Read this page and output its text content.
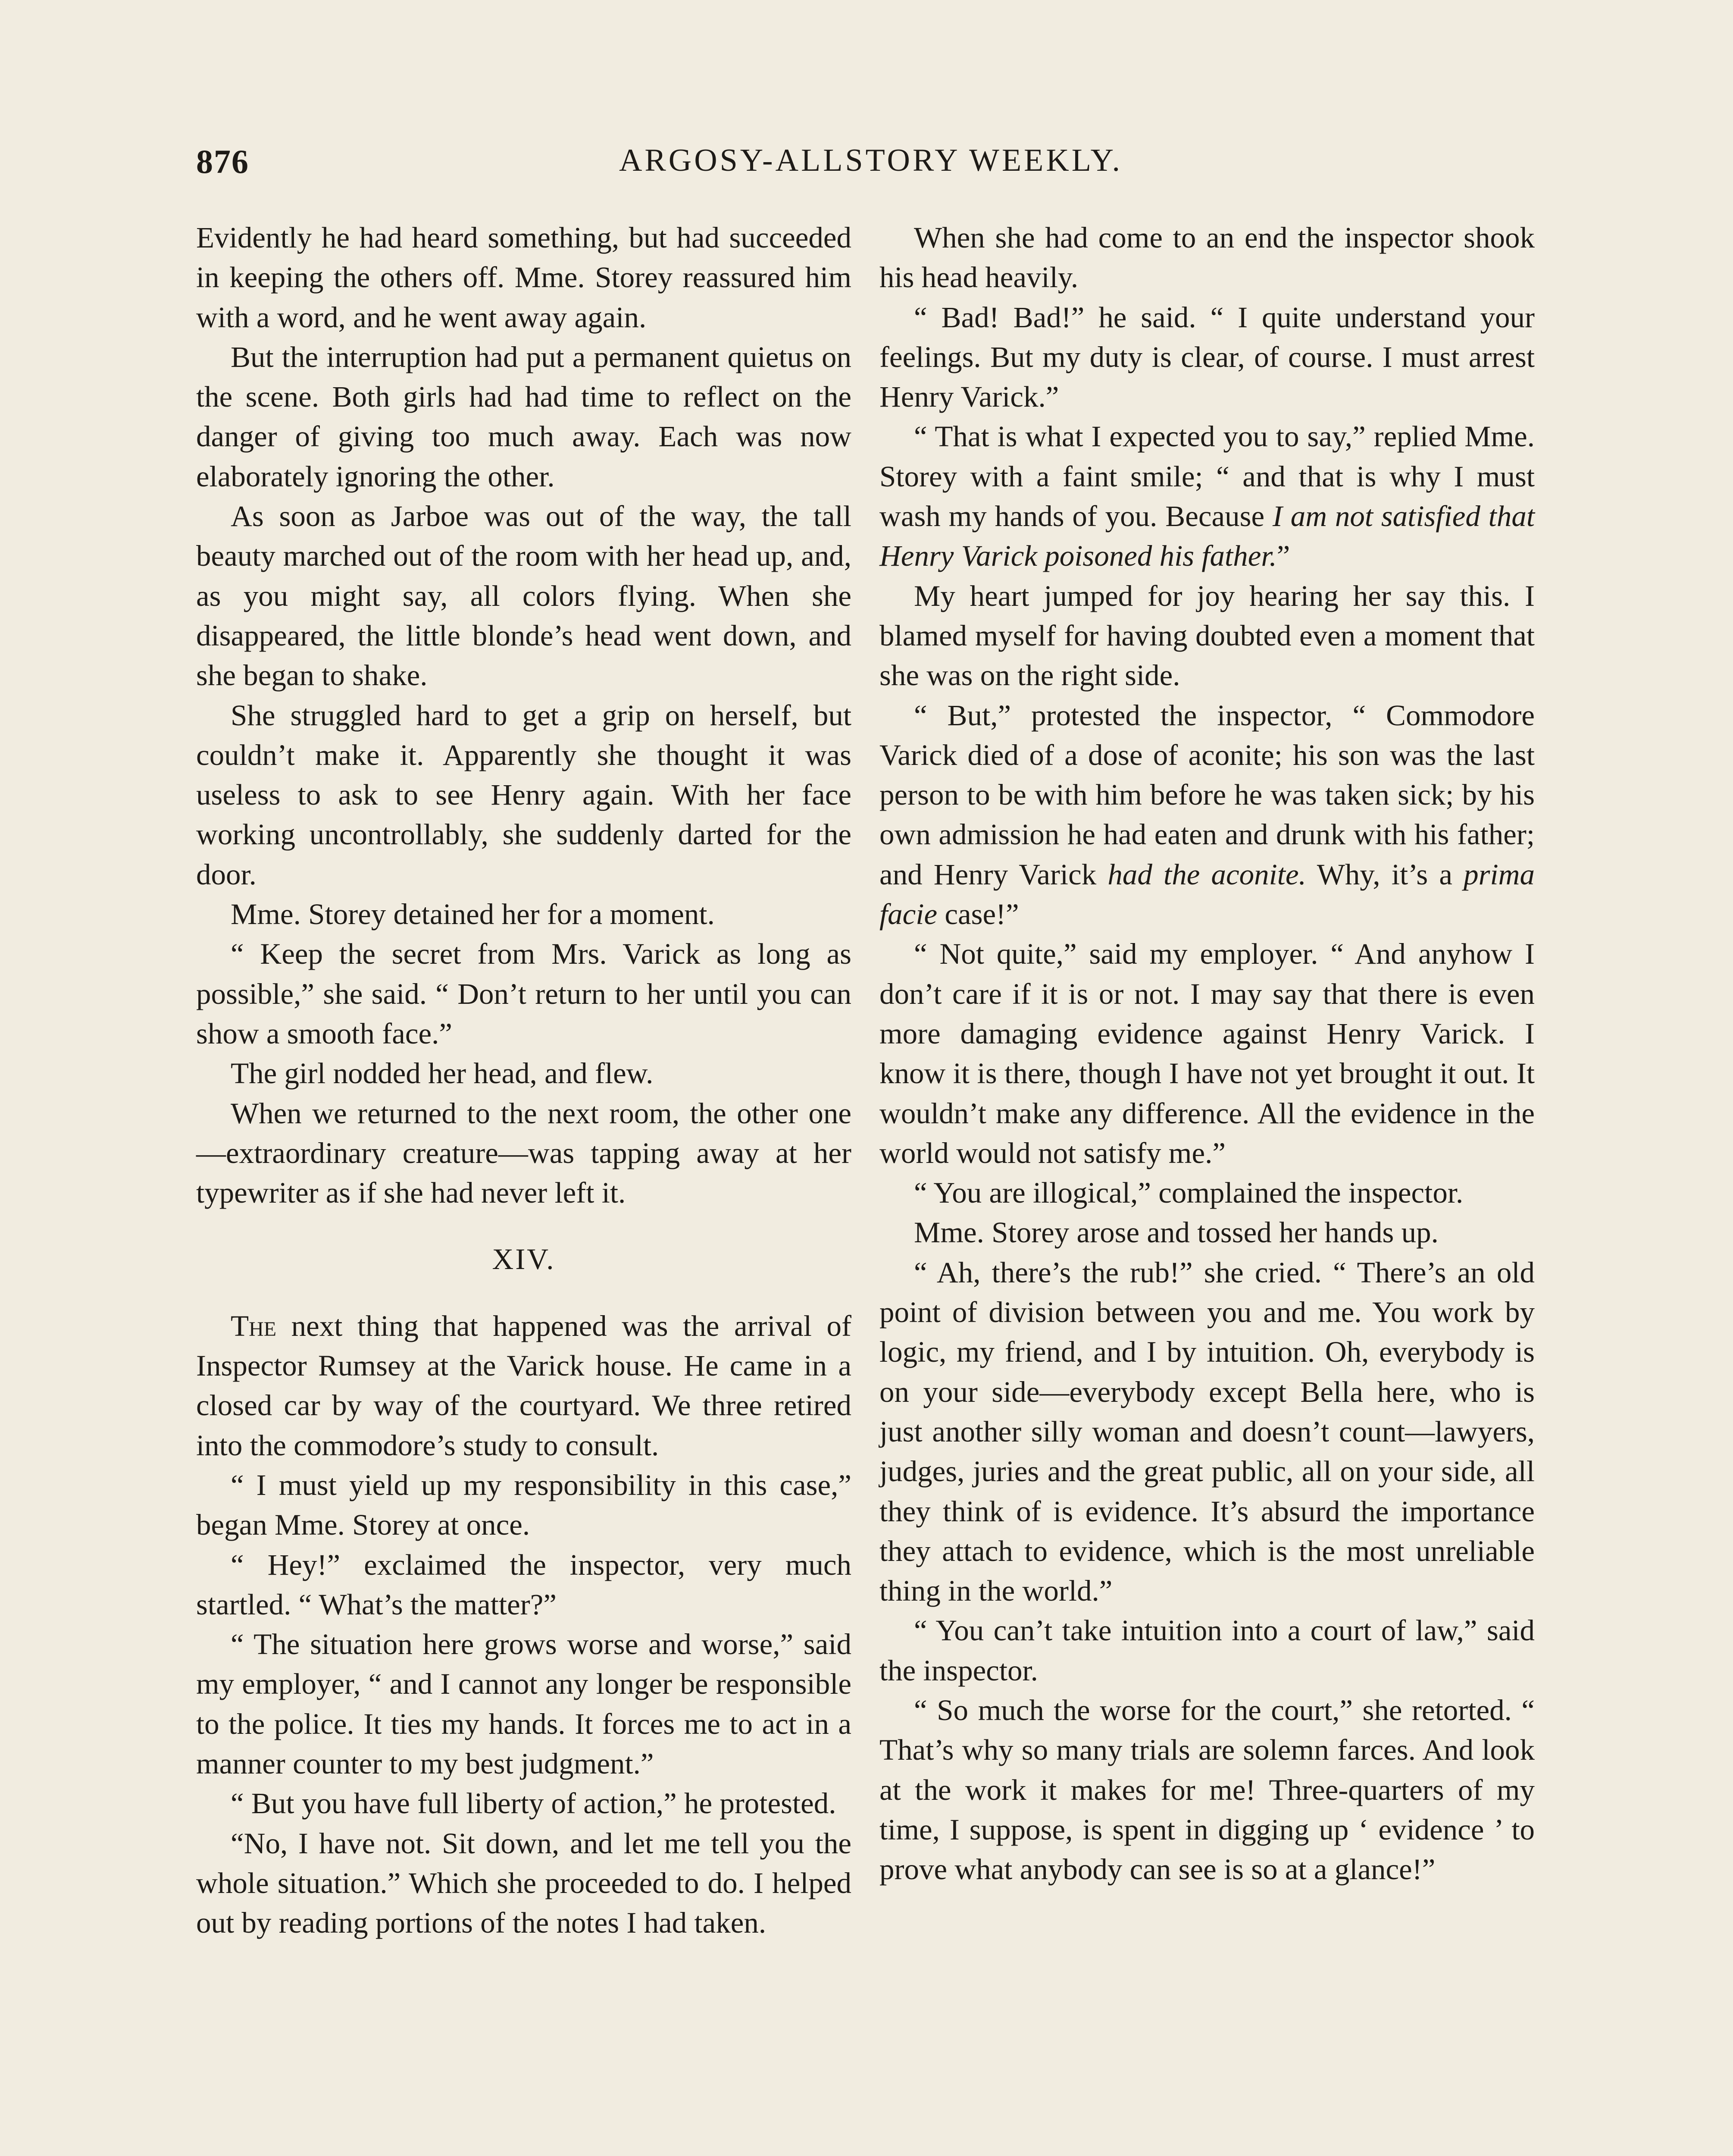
876	ARGOSY-ALLSTORY WEEKLY.

Evidently he had heard something, but had succeeded in keeping the others off. Mme. Storey reassured him with a word, and he went away again.

But the interruption had put a permanent quietus on the scene. Both girls had had time to reflect on the danger of giving too much away. Each was now elaborately ignoring the other.

As soon as Jarboe was out of the way, the tall beauty marched out of the room with her head up, and, as you might say, all colors flying. When she disappeared, the little blonde’s head went down, and she began to shake.

She struggled hard to get a grip on herself, but couldn’t make it. Apparently she thought it was useless to ask to see Henry again. With her face working uncontrollably, she suddenly darted for the door.

Mme. Storey detained her for a moment.

“ Keep the secret from Mrs. Varick as long as possible,” she said. “ Don’t return to her until you can show a smooth face.”

The girl nodded her head, and flew.

When we returned to the next room, the other one—extraordinary creature—was tapping away at her typewriter as if she had never left it.

XIV.

The next thing that happened was the arrival of Inspector Rumsey at the Varick house. He came in a closed car by way of the courtyard. We three retired into the commodore’s study to consult.

“ I must yield up my responsibility in this case,” began Mme. Storey at once.

“ Hey!” exclaimed the inspector, very much startled. “ What’s the matter?”

“ The situation here grows worse and worse,” said my employer, “ and I cannot any longer be responsible to the police. It ties my hands. It forces me to act in a manner counter to my best judgment.”

“ But you have full liberty of action,” he protested.

“No, I have not. Sit down, and let me tell you the whole situation.” Which she proceeded to do. I helped out by reading portions of the notes I had taken.

When she had come to an end the inspector shook his head heavily.

“ Bad! Bad!” he said. “ I quite understand your feelings. But my duty is clear, of course. I must arrest Henry Varick.”

“ That is what I expected you to say,” replied Mme. Storey with a faint smile; “ and that is why I must wash my hands of you. Because I am not satisfied that Henry Varick poisoned his father.”

My heart jumped for joy hearing her say this. I blamed myself for having doubted even a moment that she was on the right side.

“ But,” protested the inspector, “ Commodore Varick died of a dose of aconite; his son was the last person to be with him before he was taken sick; by his own admission he had eaten and drunk with his father; and Henry Varick had the aconite. Why, it’s a prima facie case!”

“ Not quite,” said my employer. “ And anyhow I don’t care if it is or not. I may say that there is even more damaging evidence against Henry Varick. I know it is there, though I have not yet brought it out. It wouldn’t make any difference. All the evidence in the world would not satisfy me.”

“ You are illogical,” complained the inspector.

Mme. Storey arose and tossed her hands up.

“ Ah, there’s the rub!” she cried. “ There’s an old point of division between you and me. You work by logic, my friend, and I by intuition. Oh, everybody is on your side—everybody except Bella here, who is just another silly woman and doesn’t count—lawyers, judges, juries and the great public, all on your side, all they think of is evidence. It’s absurd the importance they attach to evidence, which is the most unreliable thing in the world.”

“ You can’t take intuition into a court of law,” said the inspector.

“ So much the worse for the court,” she retorted. “ That’s why so many trials are solemn farces. And look at the work it makes for me! Three-quarters of my time, I suppose, is spent in digging up ‘ evidence ’ to prove what anybody can see is so at a glance!”
